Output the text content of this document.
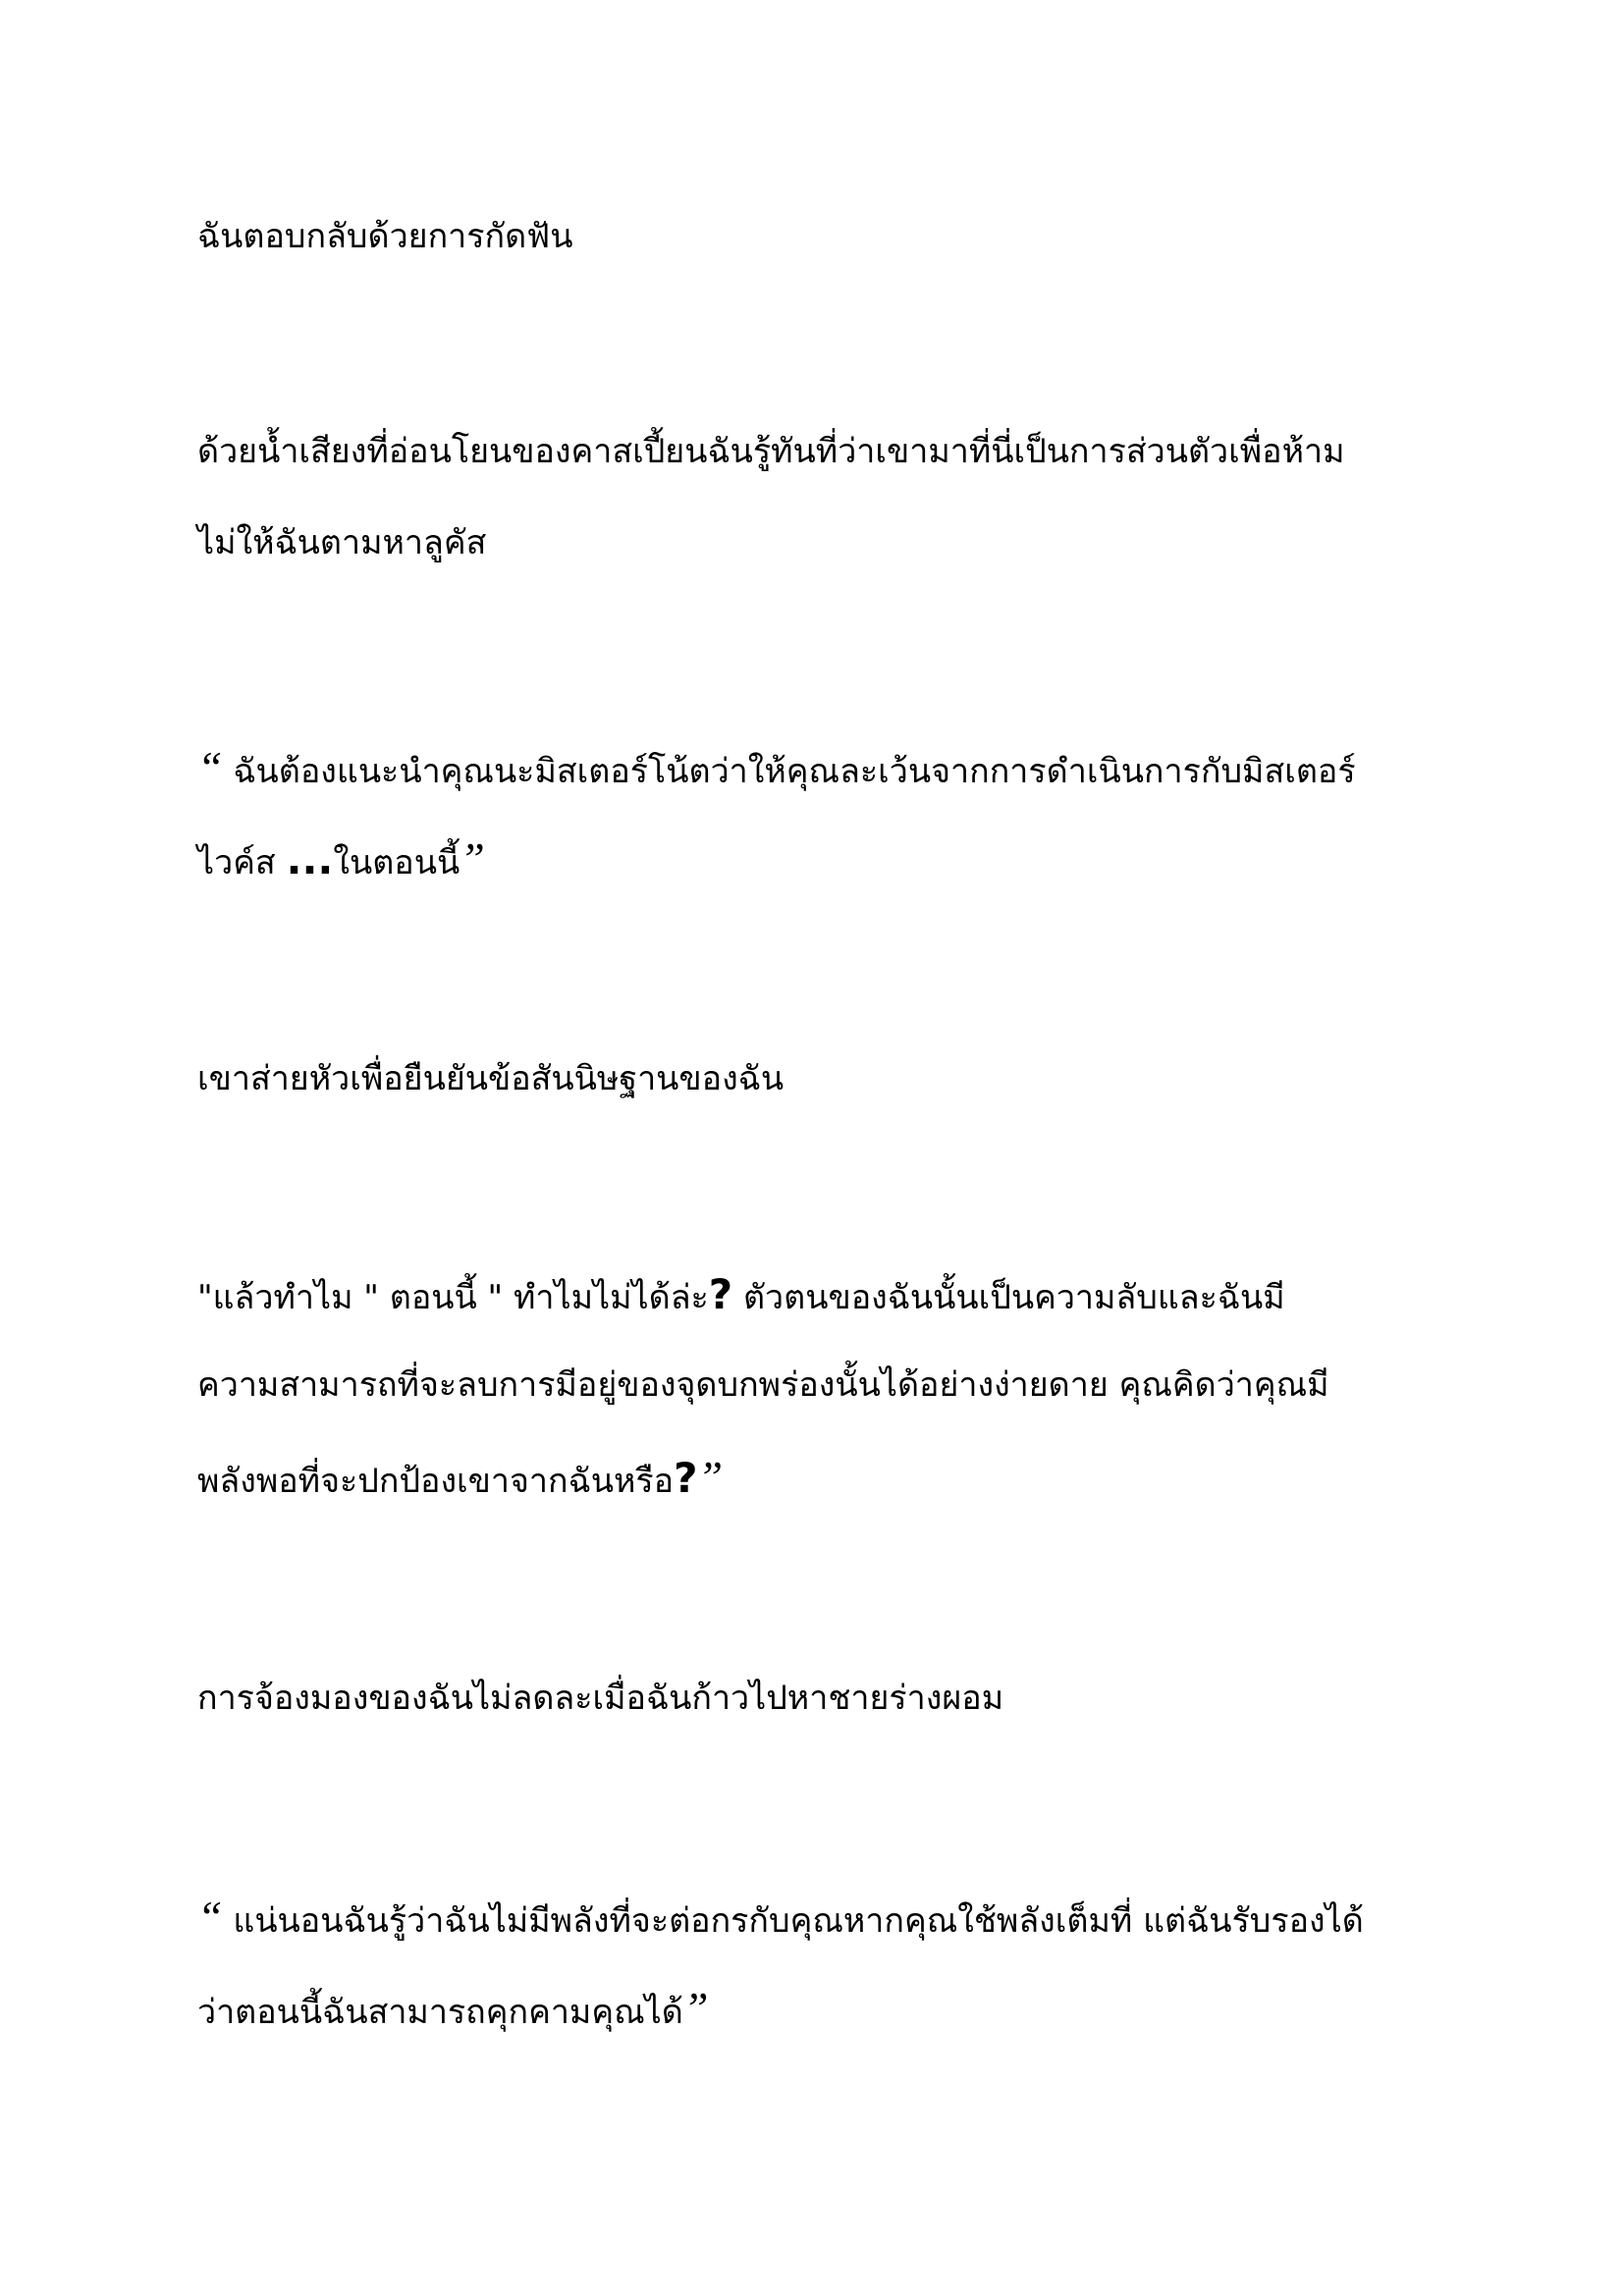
ฉันตอบกลับด้วยการกัดฟัน

ด้วยน้ำเสียงที่อ่อนโยนของคาสเปี้ยนฉันรู้ทันที่ว่าเขามาที่นี่เป็นการส่วนตัวเพื่อห้าม
ไม่ให้ฉันตามหาลูคัส

“ ฉันต้องแนะนำคุณนะมิสเตอร์โน้ตว่าให้คุณละเว้นจากการดำเนินการกับมิสเตอร์
ไวค์ส ...ในตอนนี้”

เขาส่ายหัวเพื่อยืนยันข้อสันนิษฐานของฉัน

"แล้วทำไม " ตอนนี้ " ทำไมไม่ได้ล่ะ? ตัวตนของฉันนั้นเป็นความลับและฉันมี
ความสามารถที่จะลบการมีอยู่ของจุดบกพร่องนั้นได้อย่างง่ายดาย คุณคิดว่าคุณมี
พลังพอที่จะปกป้องเขาจากฉันหรือ?”

การจ้องมองของฉันไม่ลดละเมื่อฉันก้าวไปหาชายร่างผอม

“ แน่นอนฉันรู้ว่าฉันไม่มีพลังที่จะต่อกรกับคุณหากคุณใช้พลังเต็มที่ แต่ฉันรับรองได้
ว่าตอนนี้ฉันสามารถคุกคามคุณได้”
